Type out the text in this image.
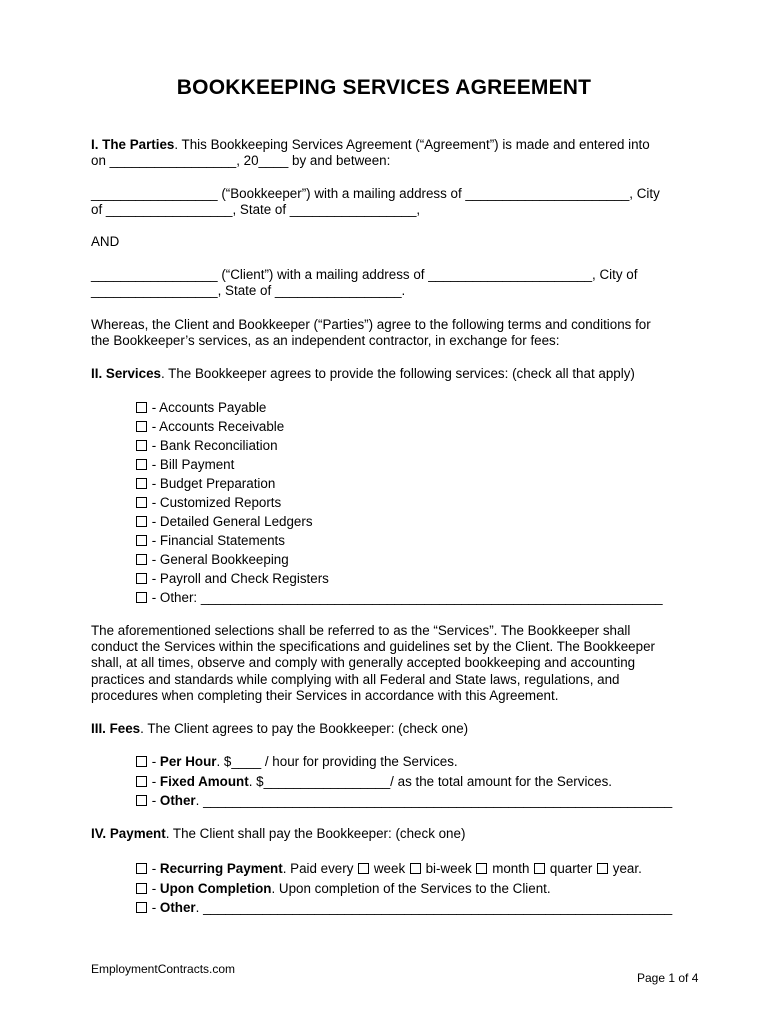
BOOKKEEPING SERVICES AGREEMENT
I. The Parties. This Bookkeeping Services Agreement (“Agreement”) is made and entered into
on _________________, 20____ by and between:
_________________ (“Bookkeeper”) with a mailing address of ______________________, City
of _________________, State of _________________,
AND
_________________ (“Client”) with a mailing address of ______________________, City of
_________________, State of _________________.
Whereas, the Client and Bookkeeper (“Parties”) agree to the following terms and conditions for
the Bookkeeper’s services, as an independent contractor, in exchange for fees:
II. Services. The Bookkeeper agrees to provide the following services: (check all that apply)
- Accounts Payable
- Accounts Receivable
- Bank Reconciliation
- Bill Payment
- Budget Preparation
- Customized Reports
- Detailed General Ledgers
- Financial Statements
- General Bookkeeping
- Payroll and Check Registers
- Other: ______________________________________________________________
The aforementioned selections shall be referred to as the “Services”. The Bookkeeper shall
conduct the Services within the specifications and guidelines set by the Client. The Bookkeeper
shall, at all times, observe and comply with generally accepted bookkeeping and accounting
practices and standards while complying with all Federal and State laws, regulations, and
procedures when completing their Services in accordance with this Agreement.
III. Fees. The Client agrees to pay the Bookkeeper: (check one)
- Per Hour. $____ / hour for providing the Services.
- Fixed Amount. $_________________/ as the total amount for the Services.
- Other. _______________________________________________________________
IV. Payment. The Client shall pay the Bookkeeper: (check one)
- Recurring Payment. Paid every  week  bi-week  month  quarter  year.
- Upon Completion. Upon completion of the Services to the Client.
- Other. _______________________________________________________________
EmploymentContracts.com
Page 1 of 4
